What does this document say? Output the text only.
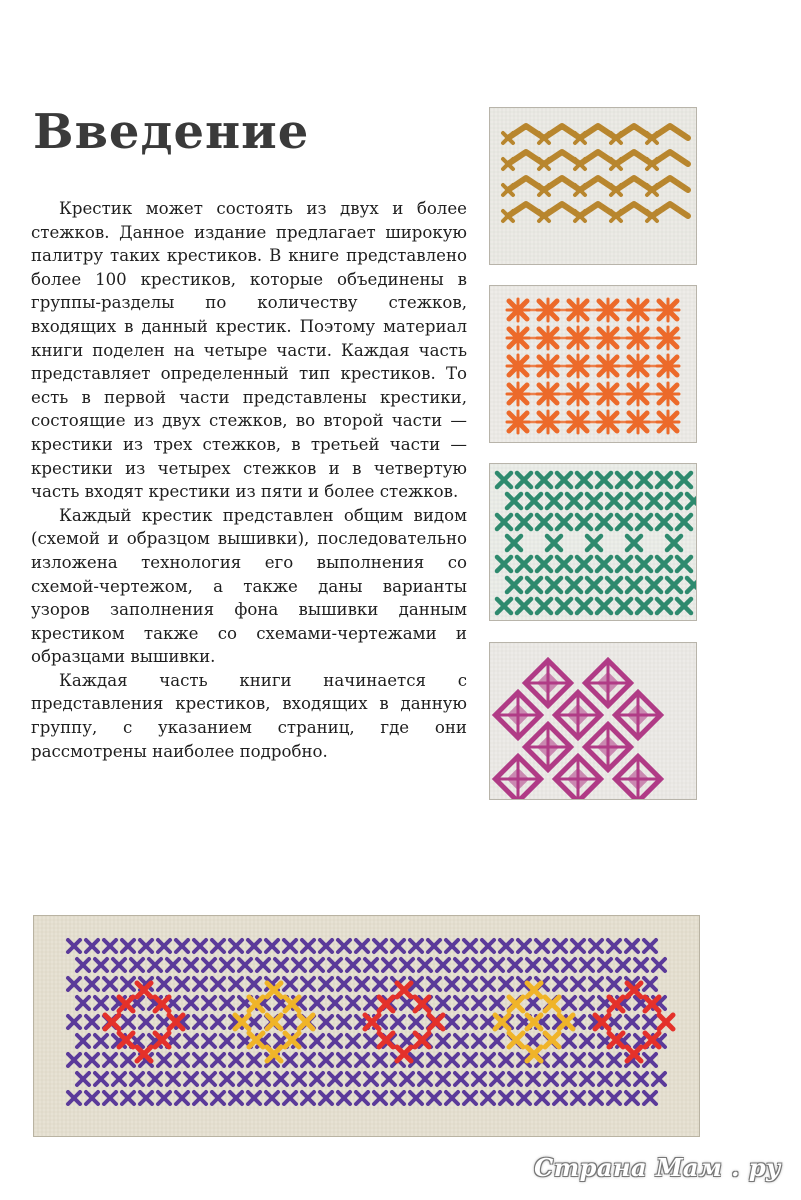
Введение

Крестик может состоять из двух и более стежков. Данное издание предлагает широкую палитру таких крестиков. В книге представлено более 100 крестиков, которые объединены в группы-разделы по количеству стежков, входящих в данный крестик. Поэтому материал книги поделен на четыре части. Каждая часть представляет определенный тип крестиков. То есть в первой части представлены крестики, состоящие из двух стежков, во второй части — крестики из трех стежков, в третьей части — крестики из четырех стежков и в четвертую часть входят крестики из пяти и более стежков.

Каждый крестик представлен общим видом (схемой и образцом вышивки), последовательно изложена технология его выполнения со схемой-чертежом, а также даны варианты узоров заполнения фона вышивки данным крестиком также со схемами-чертежами и образцами вышивки.

Каждая часть книги начинается с представления крестиков, входящих в данную группу, с указанием страниц, где они рассмотрены наиболее подробно.

Страна Мам . ру
